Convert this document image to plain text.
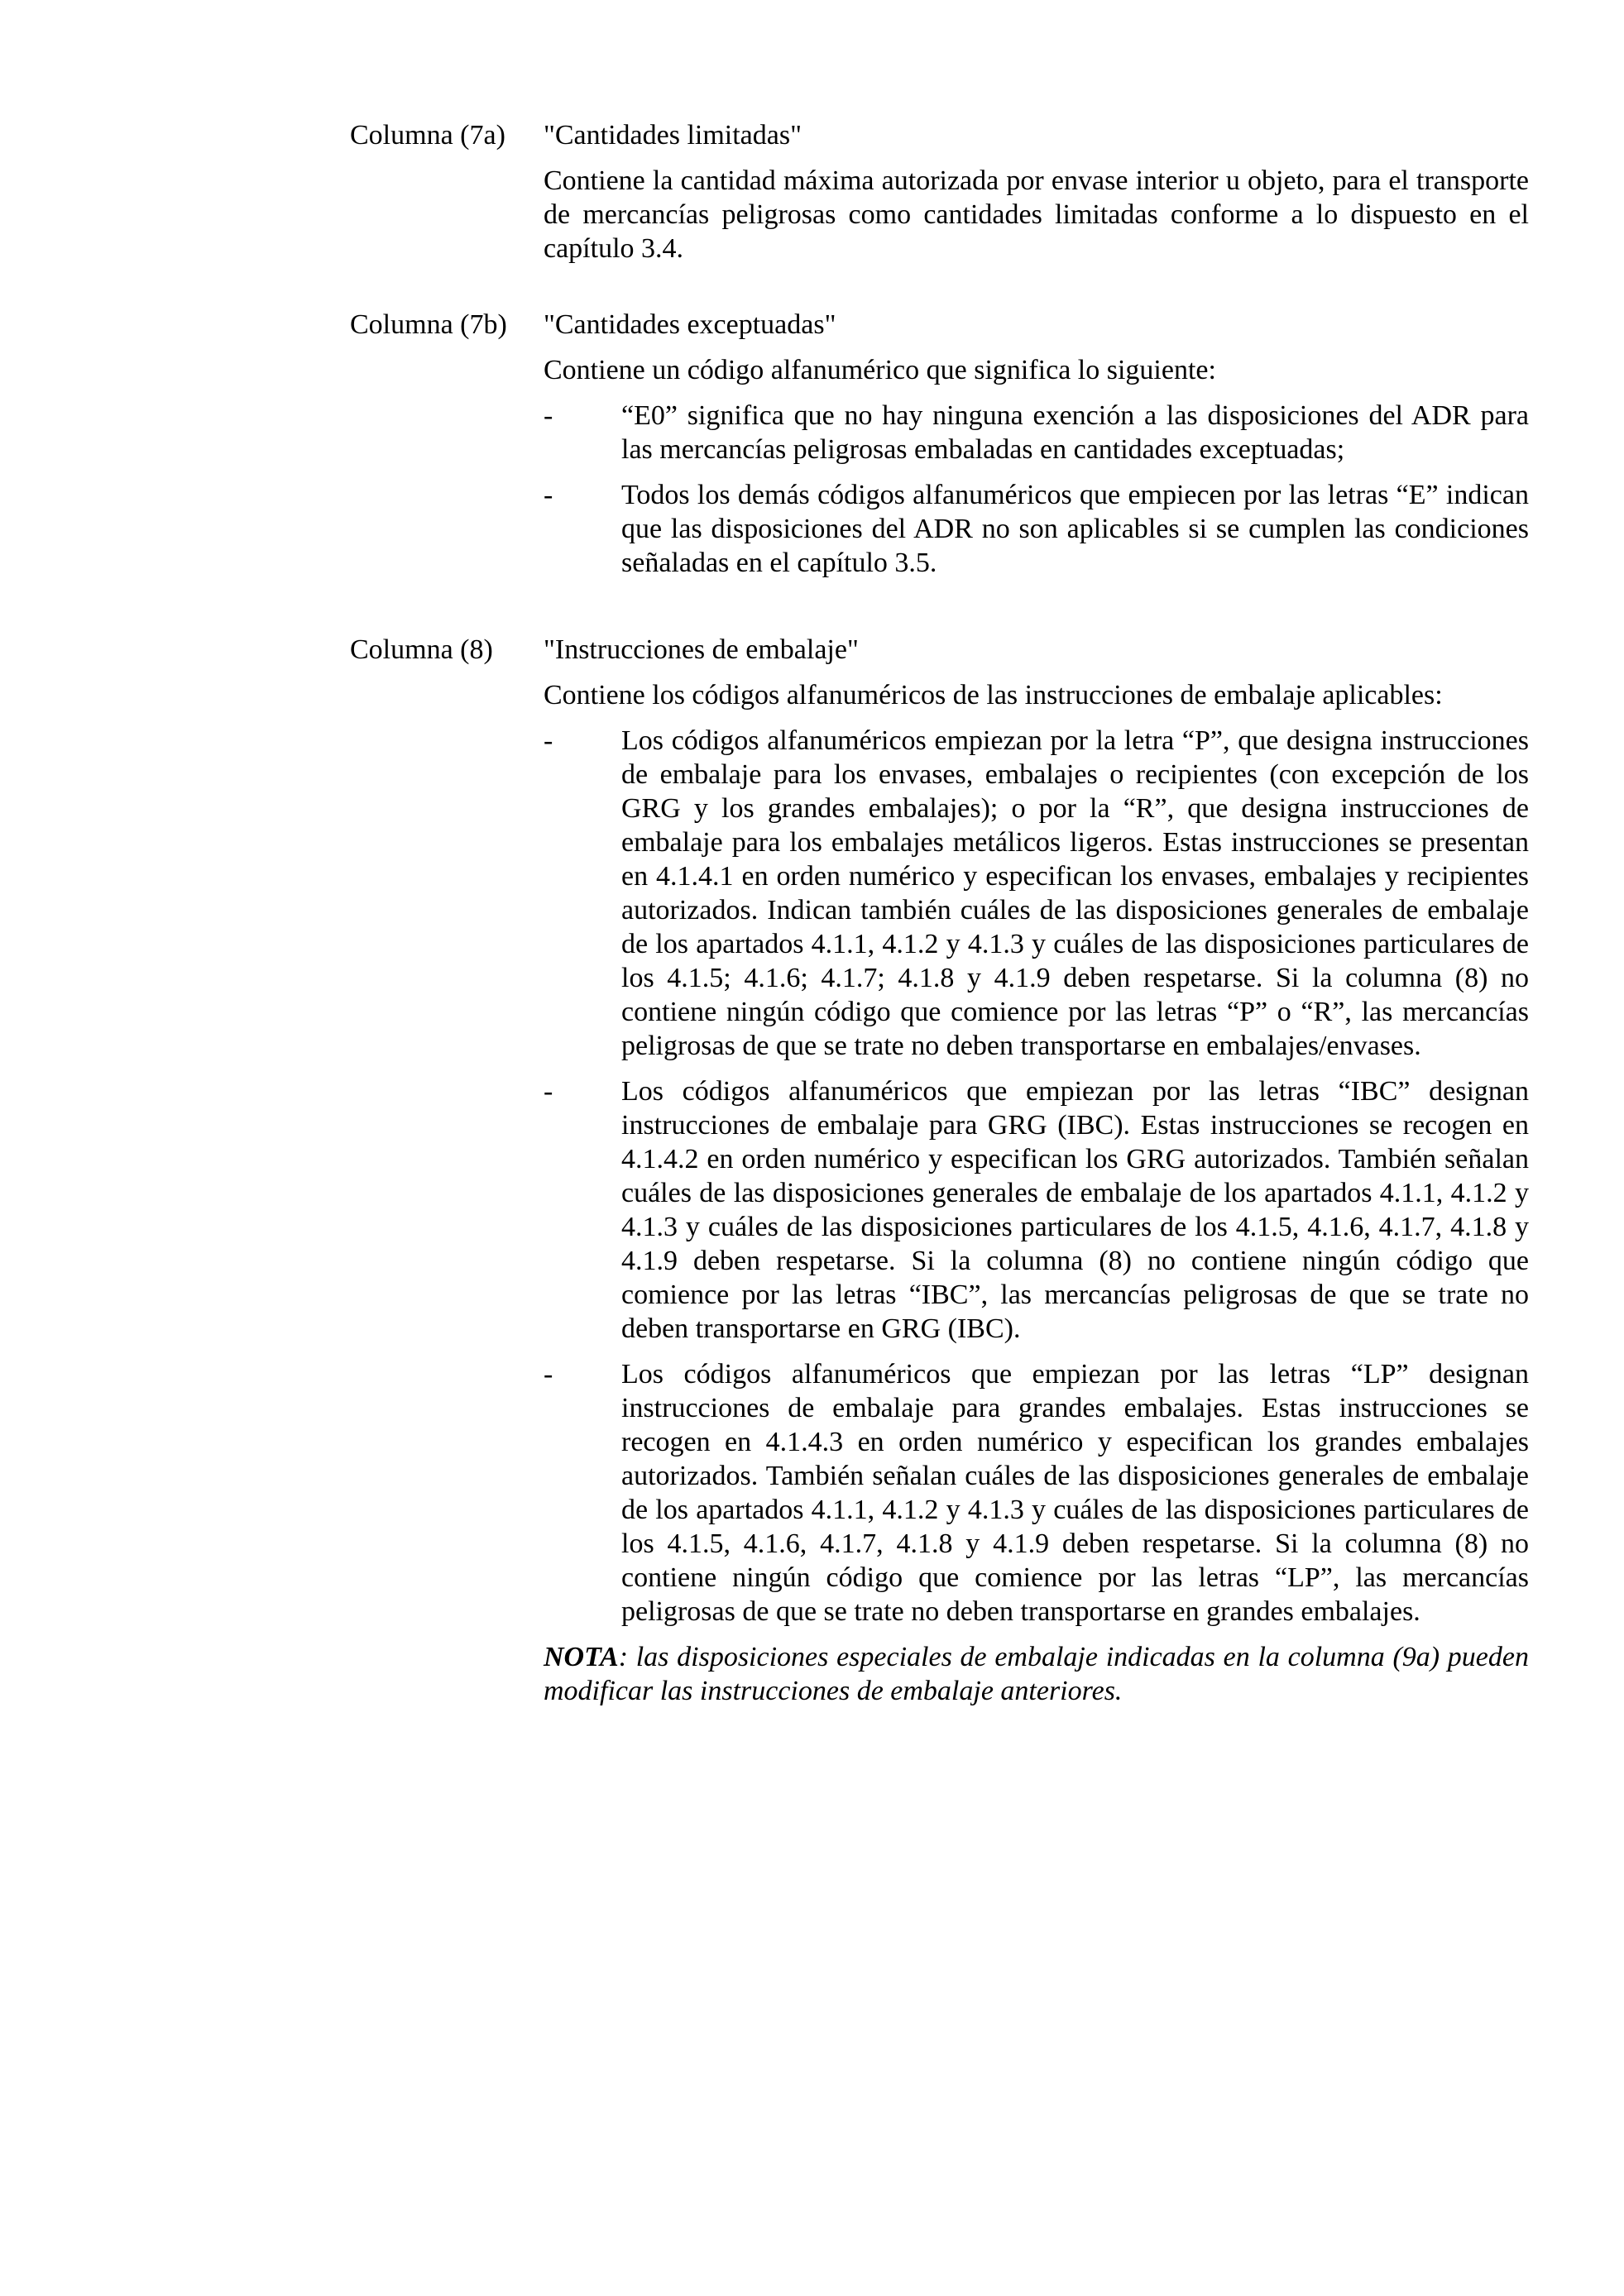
Columna (7a)	"Cantidades limitadas"

Contiene la cantidad máxima autorizada por envase interior u objeto, para el transporte de mercancías peligrosas como cantidades limitadas conforme a lo dispuesto en el capítulo 3.4.

Columna (7b)	"Cantidades exceptuadas"

Contiene un código alfanumérico que significa lo siguiente:

- “E0” significa que no hay ninguna exención a las disposiciones del ADR para las mercancías peligrosas embaladas en cantidades exceptuadas;
- Todos los demás códigos alfanuméricos que empiecen por las letras “E” indican que las disposiciones del ADR no son aplicables si se cumplen las condiciones señaladas en el capítulo 3.5.
Columna (8)	"Instrucciones de embalaje"

Contiene los códigos alfanuméricos de las instrucciones de embalaje aplicables:

- Los códigos alfanuméricos empiezan por la letra “P”, que designa instrucciones de embalaje para los envases, embalajes o recipientes (con excepción de los GRG y los grandes embalajes); o por la “R”, que designa instrucciones de embalaje para los embalajes metálicos ligeros. Estas instrucciones se presentan en 4.1.4.1 en orden numérico y especifican los envases, embalajes y recipientes autorizados. Indican también cuáles de las disposiciones generales de embalaje de los apartados 4.1.1, 4.1.2 y 4.1.3 y cuáles de las disposiciones particulares de los 4.1.5; 4.1.6; 4.1.7; 4.1.8 y 4.1.9 deben respetarse. Si la columna (8) no contiene ningún código que comience por las letras “P” o “R”, las mercancías peligrosas de que se trate no deben transportarse en embalajes/envases.
- Los códigos alfanuméricos que empiezan por las letras “IBC” designan instrucciones de embalaje para GRG (IBC). Estas instrucciones se recogen en 4.1.4.2 en orden numérico y especifican los GRG autorizados. También señalan cuáles de las disposiciones generales de embalaje de los apartados 4.1.1, 4.1.2 y 4.1.3 y cuáles de las disposiciones particulares de los 4.1.5, 4.1.6, 4.1.7, 4.1.8 y 4.1.9 deben respetarse. Si la columna (8) no contiene ningún código que comience por las letras “IBC”, las mercancías peligrosas de que se trate no deben transportarse en GRG (IBC).
- Los códigos alfanuméricos que empiezan por las letras “LP” designan instrucciones de embalaje para grandes embalajes. Estas instrucciones se recogen en 4.1.4.3 en orden numérico y especifican los grandes embalajes autorizados. También señalan cuáles de las disposiciones generales de embalaje de los apartados 4.1.1, 4.1.2 y 4.1.3 y cuáles de las disposiciones particulares de los 4.1.5, 4.1.6, 4.1.7, 4.1.8 y 4.1.9 deben respetarse. Si la columna (8) no contiene ningún código que comience por las letras “LP”, las mercancías peligrosas de que se trate no deben transportarse en grandes embalajes.
NOTA: las disposiciones especiales de embalaje indicadas en la columna (9a) pueden modificar las instrucciones de embalaje anteriores.
